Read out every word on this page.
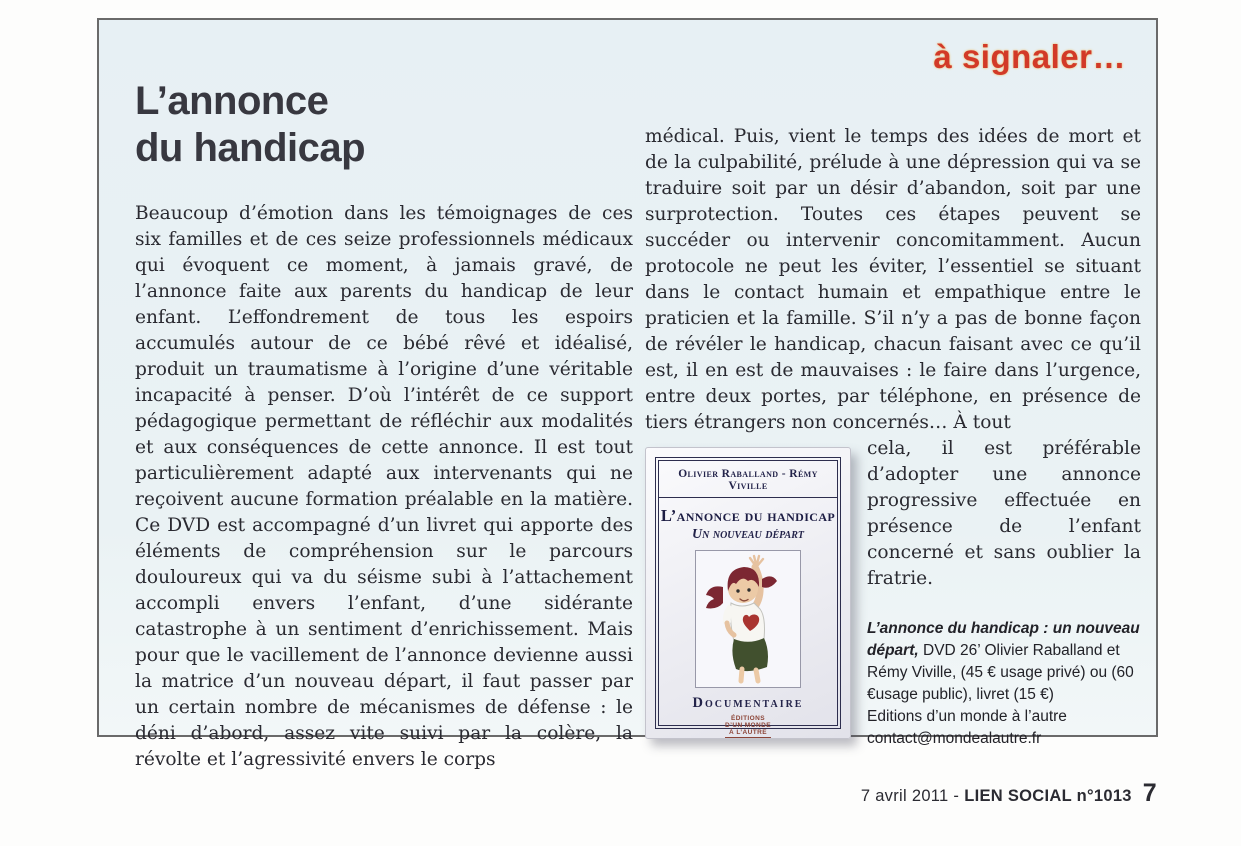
à signaler…
L’annonce
du handicap
Beaucoup d’émotion dans les témoignages de ces six familles et de ces seize professionnels médicaux qui évoquent ce moment, à jamais gravé, de l’annonce faite aux parents du handicap de leur enfant. L’effondrement de tous les espoirs accumulés autour de ce bébé rêvé et idéalisé, produit un traumatisme à l’origine d’une véritable incapacité à penser. D’où l’intérêt de ce support pédagogique permettant de réfléchir aux modalités et aux conséquences de cette annonce. Il est tout particulièrement adapté aux intervenants qui ne reçoivent aucune formation préalable en la matière. Ce DVD est accompagné d’un livret qui apporte des éléments de compréhension sur le parcours douloureux qui va du séisme subi à l’attachement accompli envers l’enfant, d’une sidérante catastrophe à un sentiment d’enrichissement. Mais pour que le vacillement de l’annonce devienne aussi la matrice d’un nouveau départ, il faut passer par un certain nombre de mécanismes de défense : le déni d’abord, assez vite suivi par la colère, la révolte et l’agressivité envers le corps

médical. Puis, vient le temps des idées de mort et de la culpabilité, prélude à une dépression qui va se traduire soit par un désir d’abandon, soit par une surprotection. Toutes ces étapes peuvent se succéder ou intervenir concomitamment. Aucun protocole ne peut les éviter, l’essentiel se situant dans le contact humain et empathique entre le praticien et la famille. S’il n’y a pas de bonne façon de révéler le handicap, chacun faisant avec ce qu’il est, il en est de mauvaises : le faire dans l’urgence, entre deux portes, par téléphone, en présence de tiers étrangers non concernés… À tout

Olivier Raballand - Rémy Viville
L’annonce du handicap
Un nouveau départ
Documentaire
ÉDITIONS
D’UN MONDE
À L’AUTRE

cela, il est préférable d’adopter une annonce progressive effectuée en présence de l’enfant concerné et sans oublier la fratrie.

L’annonce du handicap : un nouveau départ, DVD 26’ Olivier Raballand et Rémy Viville, (45 € usage privé) ou (60 €usage public), livret (15 €)

Editions d’un monde à l’autre

contact@mondealautre.fr

7 avril 2011 - LIEN SOCIAL n°1013 7
